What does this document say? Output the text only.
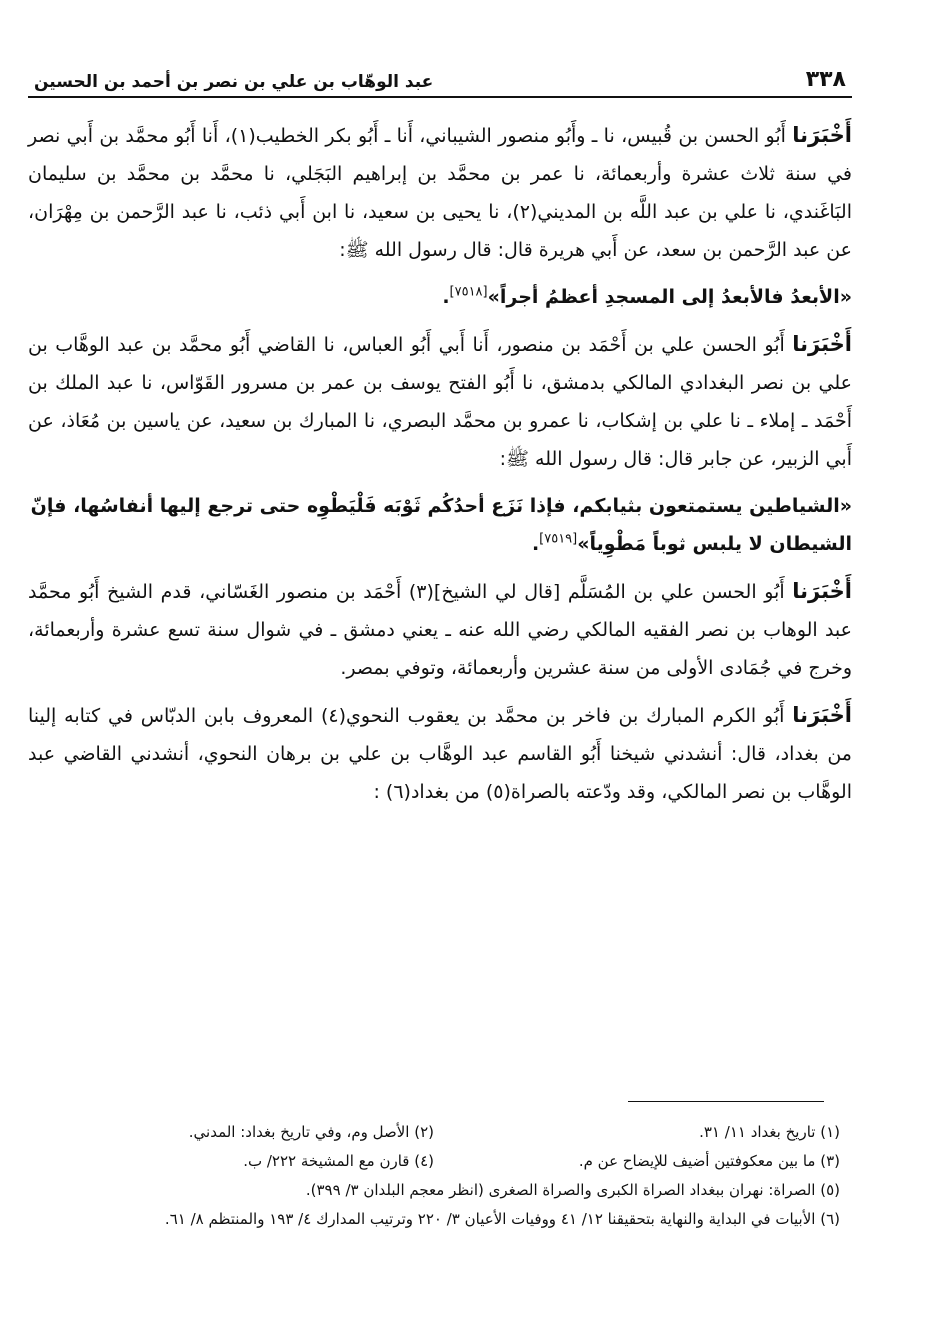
٣٣٨
عبد الوهّاب بن علي بن نصر بن أحمد بن الحسين

أَخْبَرَنا أَبُو الحسن بن قُبيس، نا ـ وأَبُو منصور الشيباني، أَنا ـ أَبُو بكر الخطيب(١)، أَنا أَبُو محمَّد بن أَبي نصر في سنة ثلاث عشرة وأربعمائة، نا عمر بن محمَّد بن إبراهيم البَجَلي، نا محمَّد بن محمَّد بن سليمان البَاغَندي، نا علي بن عبد اللَّه بن المديني(٢)، نا يحيى بن سعيد، نا ابن أَبي ذئب، نا عبد الرَّحمن بن مِهْرَان، عن عبد الرَّحمن بن سعد، عن أَبي هريرة قال: قال رسول الله ﷺ:

«الأبعدُ فالأبعدُ إلى المسجدِ أعظمُ أجراً»[٧٥١٨].

أَخْبَرَنا أَبُو الحسن علي بن أَحْمَد بن منصور، أَنا أَبي أَبُو العباس، نا القاضي أَبُو محمَّد بن عبد الوهَّاب بن علي بن نصر البغدادي المالكي بدمشق، نا أَبُو الفتح يوسف بن عمر بن مسرور القَوّاس، نا عبد الملك بن أَحْمَد ـ إملاء ـ نا علي بن إشكاب، نا عمرو بن محمَّد البصري، نا المبارك بن سعيد، عن ياسين بن مُعَاذ، عن أَبي الزبير، عن جابر قال: قال رسول الله ﷺ:

«الشياطين يستمتعون بثيابكم، فإذا نَزَع أحدُكُم ثَوْبَه فَلْيَطْوِه حتى ترجع إليها أنفاسُها، فإنّ الشيطان لا يلبس ثوباً مَطْوِياً»[٧٥١٩].

أَخْبَرَنا أَبُو الحسن علي بن المُسَلَّم [قال لي الشيخ](٣) أَحْمَد بن منصور الغَسّاني، قدم الشيخ أَبُو محمَّد عبد الوهاب بن نصر الفقيه المالكي رضي الله عنه ـ يعني دمشق ـ في شوال سنة تسع عشرة وأربعمائة، وخرج في جُمَادى الأولى من سنة عشرين وأربعمائة، وتوفي بمصر.

أَخْبَرَنا أَبُو الكرم المبارك بن فاخر بن محمَّد بن يعقوب النحوي(٤) المعروف بابن الدبّاس في كتابه إلينا من بغداد، قال: أنشدني شيخنا أَبُو القاسم عبد الوهَّاب بن علي بن برهان النحوي، أنشدني القاضي عبد الوهَّاب بن نصر المالكي، وقد ودّعته بالصراة(٥) من بغداد(٦) :

(١) تاريخ بغداد ١١/ ٣١.
(٢) الأصل وم، وفي تاريخ بغداد: المدني.
(٣) ما بين معكوفتين أضيف للإيضاح عن م.
(٤) قارن مع المشيخة ٢٢٢/ ب.
(٥) الصراة: نهران ببغداد الصراة الكبرى والصراة الصغرى (انظر معجم البلدان ٣/ ٣٩٩).
(٦) الأبيات في البداية والنهاية بتحقيقنا ١٢/ ٤١ ووفيات الأعيان ٣/ ٢٢٠ وترتيب المدارك ٤/ ١٩٣ والمنتظم ٨/ ٦١.
